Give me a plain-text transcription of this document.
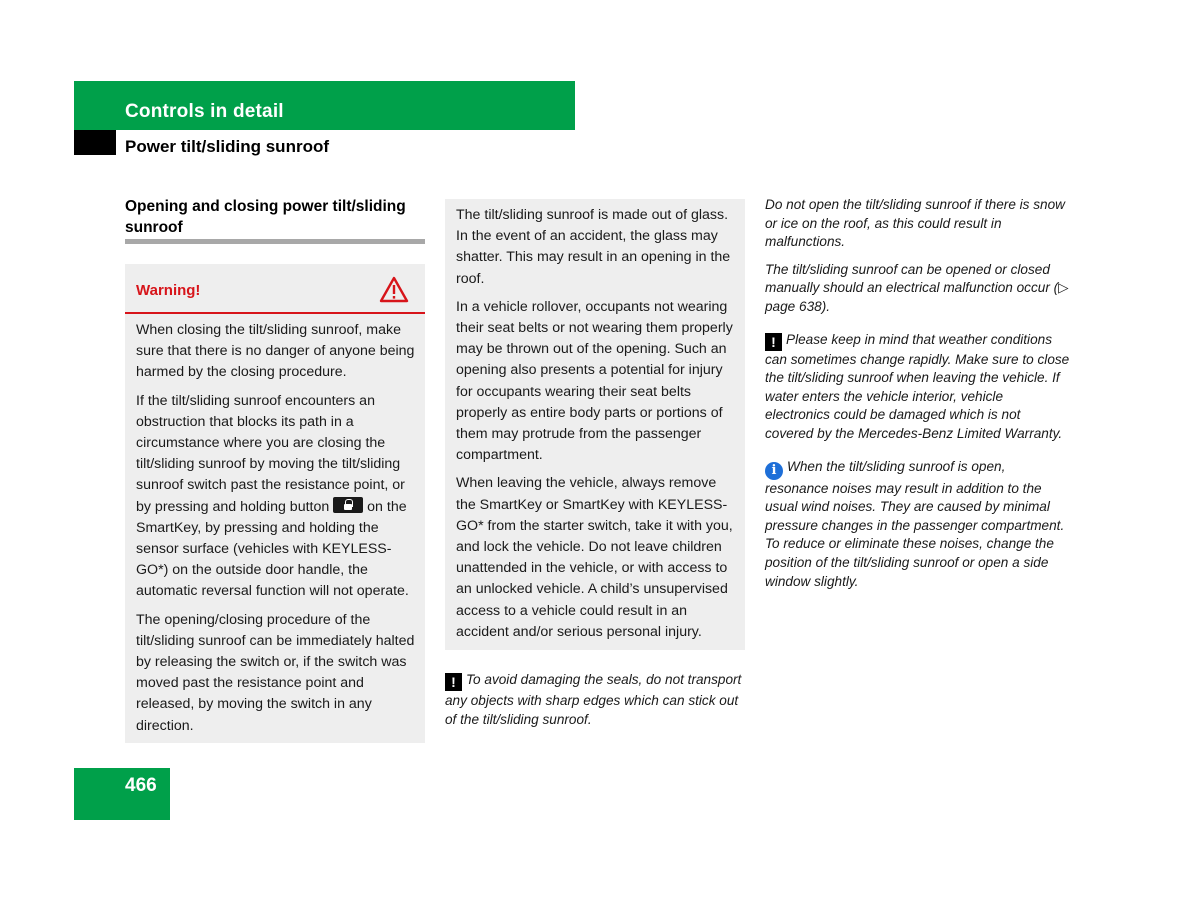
Controls in detail
Power tilt/sliding sunroof
Opening and closing power tilt/sliding sunroof
Warning!

When closing the tilt/sliding sunroof, make sure that there is no danger of anyone being harmed by the closing procedure.

If the tilt/sliding sunroof encounters an obstruction that blocks its path in a circumstance where you are closing the tilt/sliding sunroof by moving the tilt/sliding sunroof switch past the resistance point, or by pressing and holding button	on the SmartKey, by pressing and holding the sensor surface (vehicles with KEYLESS-GO*) on the outside door handle, the automatic reversal function will not operate.

The opening/closing procedure of the tilt/sliding sunroof can be immediately halted by releasing the switch or, if the switch was moved past the resistance point and released, by moving the switch in any direction.

The tilt/sliding sunroof is made out of glass. In the event of an accident, the glass may shatter. This may result in an opening in the roof.

In a vehicle rollover, occupants not wearing their seat belts or not wearing them properly may be thrown out of the opening. Such an opening also presents a potential for injury for occupants wearing their seat belts properly as entire body parts or portions of them may protrude from the passenger compartment.

When leaving the vehicle, always remove the SmartKey or SmartKey with KEYLESS-GO* from the starter switch, take it with you, and lock the vehicle. Do not leave children unattended in the vehicle, or with access to an unlocked vehicle. A child’s unsupervised access to a vehicle could result in an accident and/or serious personal injury.

! To avoid damaging the seals, do not transport any objects with sharp edges which can stick out of the tilt/sliding sunroof.

Do not open the tilt/sliding sunroof if there is snow or ice on the roof, as this could result in malfunctions.

The tilt/sliding sunroof can be opened or closed manually should an electrical malfunction occur (▷ page 638).

! Please keep in mind that weather conditions can sometimes change rapidly. Make sure to close the tilt/sliding sunroof when leaving the vehicle. If water enters the vehicle interior, vehicle electronics could be damaged which is not covered by the Mercedes-Benz Limited Warranty.

i When the tilt/sliding sunroof is open, resonance noises may result in addition to the usual wind noises. They are caused by minimal pressure changes in the passenger compartment. To reduce or eliminate these noises, change the position of the tilt/sliding sunroof or open a side window slightly.

466
